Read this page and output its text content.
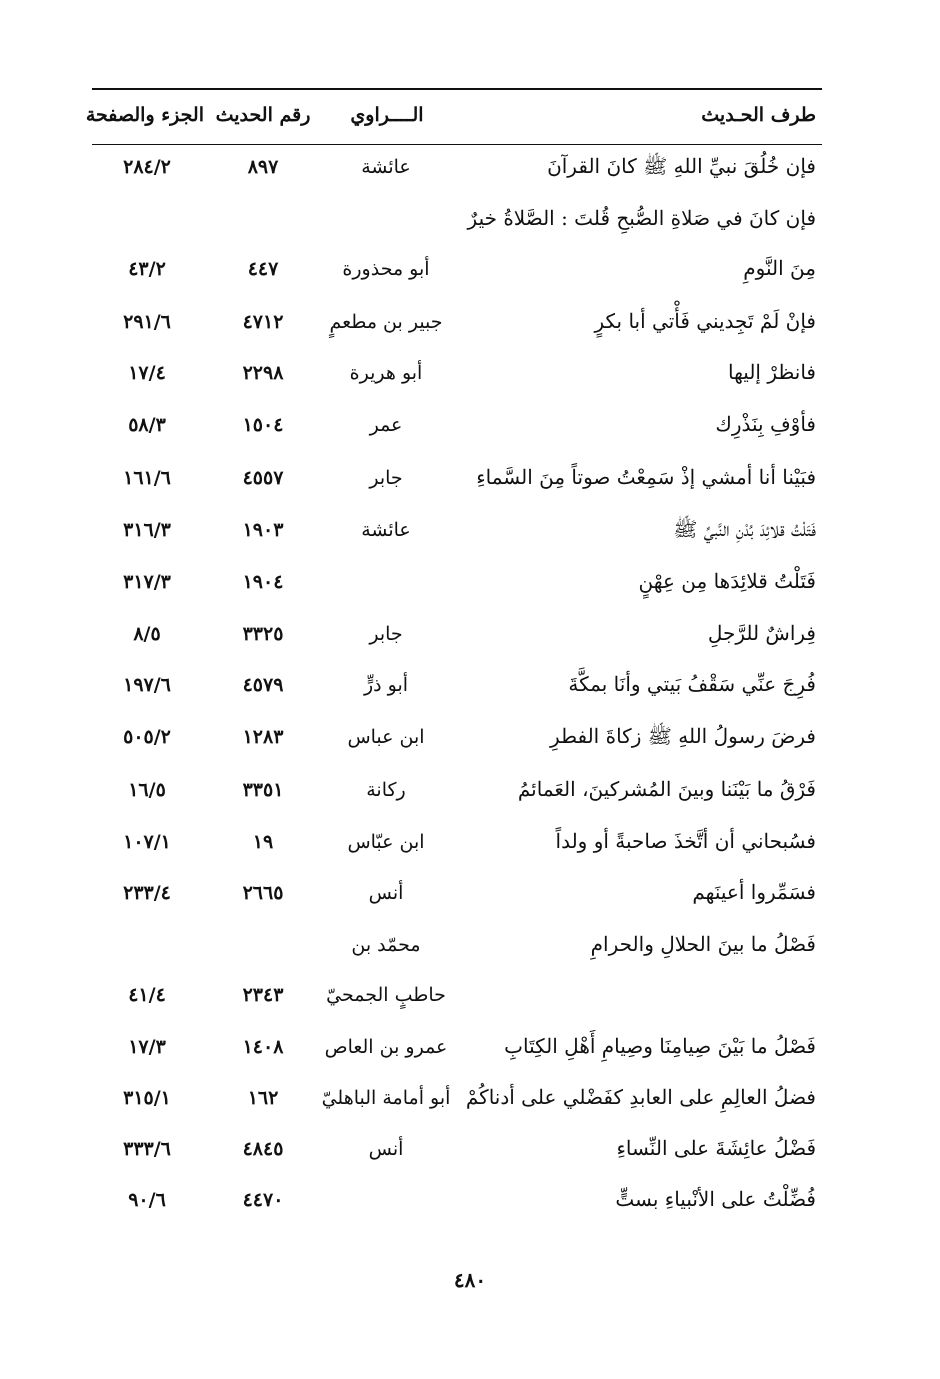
طرف الحـديث
الــــراوي
رقم الحديث
الجزء والصفحة
فإن خُلُقَ نبيِّ اللهِ ﷺ كانَ القرآنَ
عائشة
٨٩٧
٢٨٤/٢
فإن كانَ في صَلاةِ الصُّبحِ قُلتَ : الصَّلاةُ خيرٌ
مِنَ النَّومِ
أبو محذورة
٤٤٧
٤٣/٢
فإنْ لَمْ تَجِديني فَأْتي أبا بكرٍ
جبير بن مطعمٍ
٤٧١٢
٢٩١/٦
فانظرْ إليها
أبو هريرة
٢٢٩٨
١٧/٤
فأوْفِ بِنَذْرِك
عمر
١٥٠٤
٥٨/٣
فبَيْنا أنا أمشي إذْ سَمِعْتُ صوتاً مِنَ السَّماءِ
جابر
٤٥٥٧
١٦١/٦
فَتَلْتُ قلائِدَ بُدْنِ النَّبيِّ ﷺ
عائشة
١٩٠٣
٣١٦/٣
فَتَلْتُ قلائِدَها مِن عِهْنٍ
١٩٠٤
٣١٧/٣
فِراشٌ للرَّجلِ
جابر
٣٣٢٥
٨/٥
فُرِجَ عنِّي سَقْفُ بَيتي وأنَا بمكَّةَ
أبو ذرٍّ
٤٥٧٩
١٩٧/٦
فرضَ رسولُ اللهِ ﷺ زكاةَ الفطرِ
ابن عباس
١٢٨٣
٥٠٥/٢
فَرْقُ ما بَيْنَنا وبينَ المُشركينَ، العَمائمُ
ركانة
٣٣٥١
١٦/٥
فسُبحاني أن أتَّخذَ صاحبةً أو ولداً
ابن عبّاس
١٩
١٠٧/١
فسَمِّروا أعينَهم
أنس
٢٦٦٥
٢٣٣/٤
فَصْلُ ما بينَ الحلالِ والحرامِ
محمّد بن
حاطبٍ الجمحيّ
٢٣٤٣
٤١/٤
فَصْلُ ما بَيْنَ صِيامِنَا وصِيامِ أَهْلِ الكِتَابِ
عمرو بن العاص
١٤٠٨
١٧/٣
فضلُ العالِمِ على العابدِ كفَضْلي على أدناكُمْ
أبو أمامة الباهليّ
١٦٢
٣١٥/١
فَضْلُ عائِشَةَ على النِّساءِ
أنس
٤٨٤٥
٣٣٣/٦
فُضِّلْتُ على الأنْبياءِ بستٍّ
٤٤٧٠
٩٠/٦
٤٨٠
